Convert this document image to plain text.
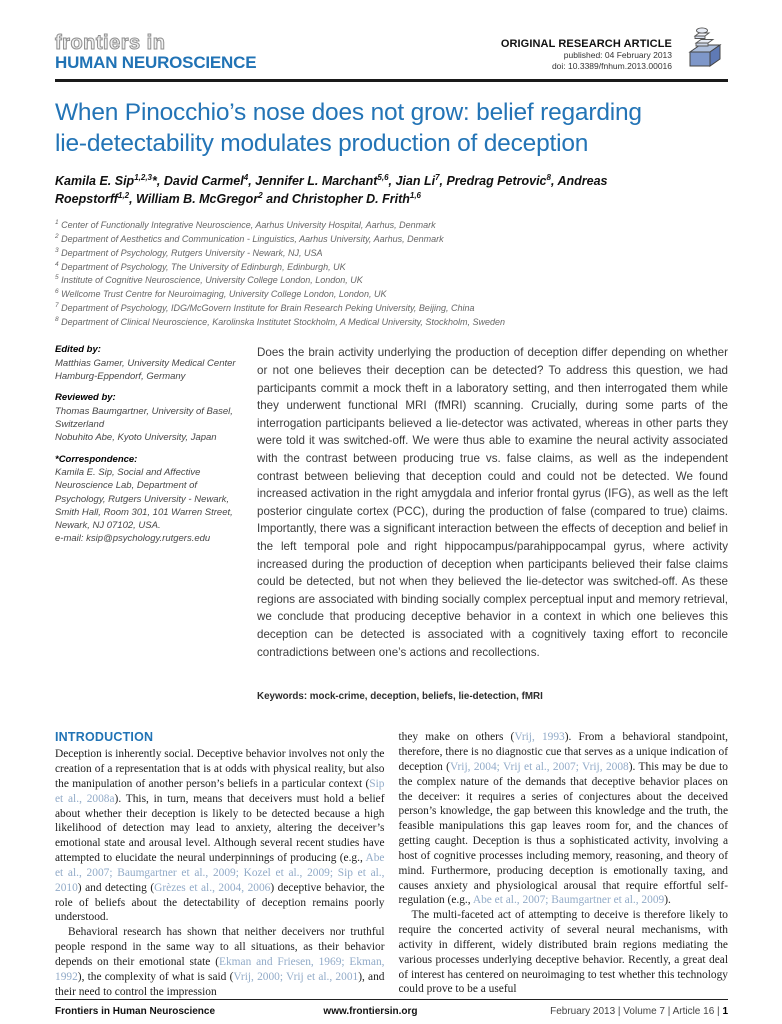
frontiers in
HUMAN NEUROSCIENCE
ORIGINAL RESEARCH ARTICLE
published: 04 February 2013
doi: 10.3389/fnhum.2013.00016
When Pinocchio’s nose does not grow: belief regarding
lie-detectability modulates production of deception
Kamila E. Sip$^{1,2,3}$*, David Carmel$^4$, Jennifer L. Marchant$^{5,6}$, Jian Li$^7$, Predrag Petrovic$^8$, Andreas Roepstorff$^{1,2}$, William B. McGregor$^2$ and Christopher D. Frith$^{1,6}$
$^1$ Center of Functionally Integrative Neuroscience, Aarhus University Hospital, Aarhus, Denmark
$^2$ Department of Aesthetics and Communication - Linguistics, Aarhus University, Aarhus, Denmark
$^3$ Department of Psychology, Rutgers University - Newark, NJ, USA
$^4$ Department of Psychology, The University of Edinburgh, Edinburgh, UK
$^5$ Institute of Cognitive Neuroscience, University College London, London, UK
$^6$ Wellcome Trust Centre for Neuroimaging, University College London, London, UK
$^7$ Department of Psychology, IDG/McGovern Institute for Brain Research Peking University, Beijing, China
$^8$ Department of Clinical Neuroscience, Karolinska Institutet Stockholm, A Medical University, Stockholm, Sweden
Edited by:
Matthias Gamer, University Medical Center Hamburg-Eppendorf, Germany
Reviewed by:
Thomas Baumgartner, University of Basel, Switzerland
Nobuhito Abe, Kyoto University, Japan
*Correspondence:
Kamila E. Sip, Social and Affective Neuroscience Lab, Department of Psychology, Rutgers University - Newark, Smith Hall, Room 301, 101 Warren Street, Newark, NJ 07102, USA.
e-mail: ksip@psychology.rutgers.edu

Does the brain activity underlying the production of deception differ depending on whether or not one believes their deception can be detected? To address this question, we had participants commit a mock theft in a laboratory setting, and then interrogated them while they underwent functional MRI (fMRI) scanning. Crucially, during some parts of the interrogation participants believed a lie-detector was activated, whereas in other parts they were told it was switched-off. We were thus able to examine the neural activity associated with the contrast between producing true vs. false claims, as well as the independent contrast between believing that deception could and could not be detected. We found increased activation in the right amygdala and inferior frontal gyrus (IFG), as well as the left posterior cingulate cortex (PCC), during the production of false (compared to true) claims. Importantly, there was a significant interaction between the effects of deception and belief in the left temporal pole and right hippocampus/parahippocampal gyrus, where activity increased during the production of deception when participants believed their false claims could be detected, but not when they believed the lie-detector was switched-off. As these regions are associated with binding socially complex perceptual input and memory retrieval, we conclude that producing deceptive behavior in a context in which one believes this deception can be detected is associated with a cognitively taxing effort to reconcile contradictions between one’s actions and recollections.

Keywords: mock-crime, deception, beliefs, lie-detection, fMRI
INTRODUCTION

Deception is inherently social. Deceptive behavior involves not only the creation of a representation that is at odds with physical reality, but also the manipulation of another person’s beliefs in a particular context (Sip et al., 2008a). This, in turn, means that deceivers must hold a belief about whether their deception is likely to be detected because a high likelihood of detection may lead to anxiety, altering the deceiver’s emotional state and arousal level. Although several recent studies have attempted to elucidate the neural underpinnings of producing (e.g., Abe et al., 2007; Baumgartner et al., 2009; Kozel et al., 2009; Sip et al., 2010) and detecting (Grèzes et al., 2004, 2006) deceptive behavior, the role of beliefs about the detectability of deception remains poorly understood.

Behavioral research has shown that neither deceivers nor truthful people respond in the same way to all situations, as their behavior depends on their emotional state (Ekman and Friesen, 1969; Ekman, 1992), the complexity of what is said (Vrij, 2000; Vrij et al., 2001), and their need to control the impression

they make on others (Vrij, 1993). From a behavioral standpoint, therefore, there is no diagnostic cue that serves as a unique indication of deception (Vrij, 2004; Vrij et al., 2007; Vrij, 2008). This may be due to the complex nature of the demands that deceptive behavior places on the deceiver: it requires a series of conjectures about the deceived person’s knowledge, the gap between this knowledge and the truth, the feasible manipulations this gap leaves room for, and the chances of getting caught. Deception is thus a sophisticated activity, involving a host of cognitive processes including memory, reasoning, and theory of mind. Furthermore, producing deception is emotionally taxing, and causes anxiety and physiological arousal that require effortful self-regulation (e.g., Abe et al., 2007; Baumgartner et al., 2009).

The multi-faceted act of attempting to deceive is therefore likely to require the concerted activity of several neural mechanisms, with activity in different, widely distributed brain regions mediating the various processes underlying deceptive behavior. Recently, a great deal of interest has centered on neuroimaging to test whether this technology could prove to be a useful

Frontiers in Human Neuroscience	www.frontiersin.org	February 2013 | Volume 7 | Article 16 | 1
